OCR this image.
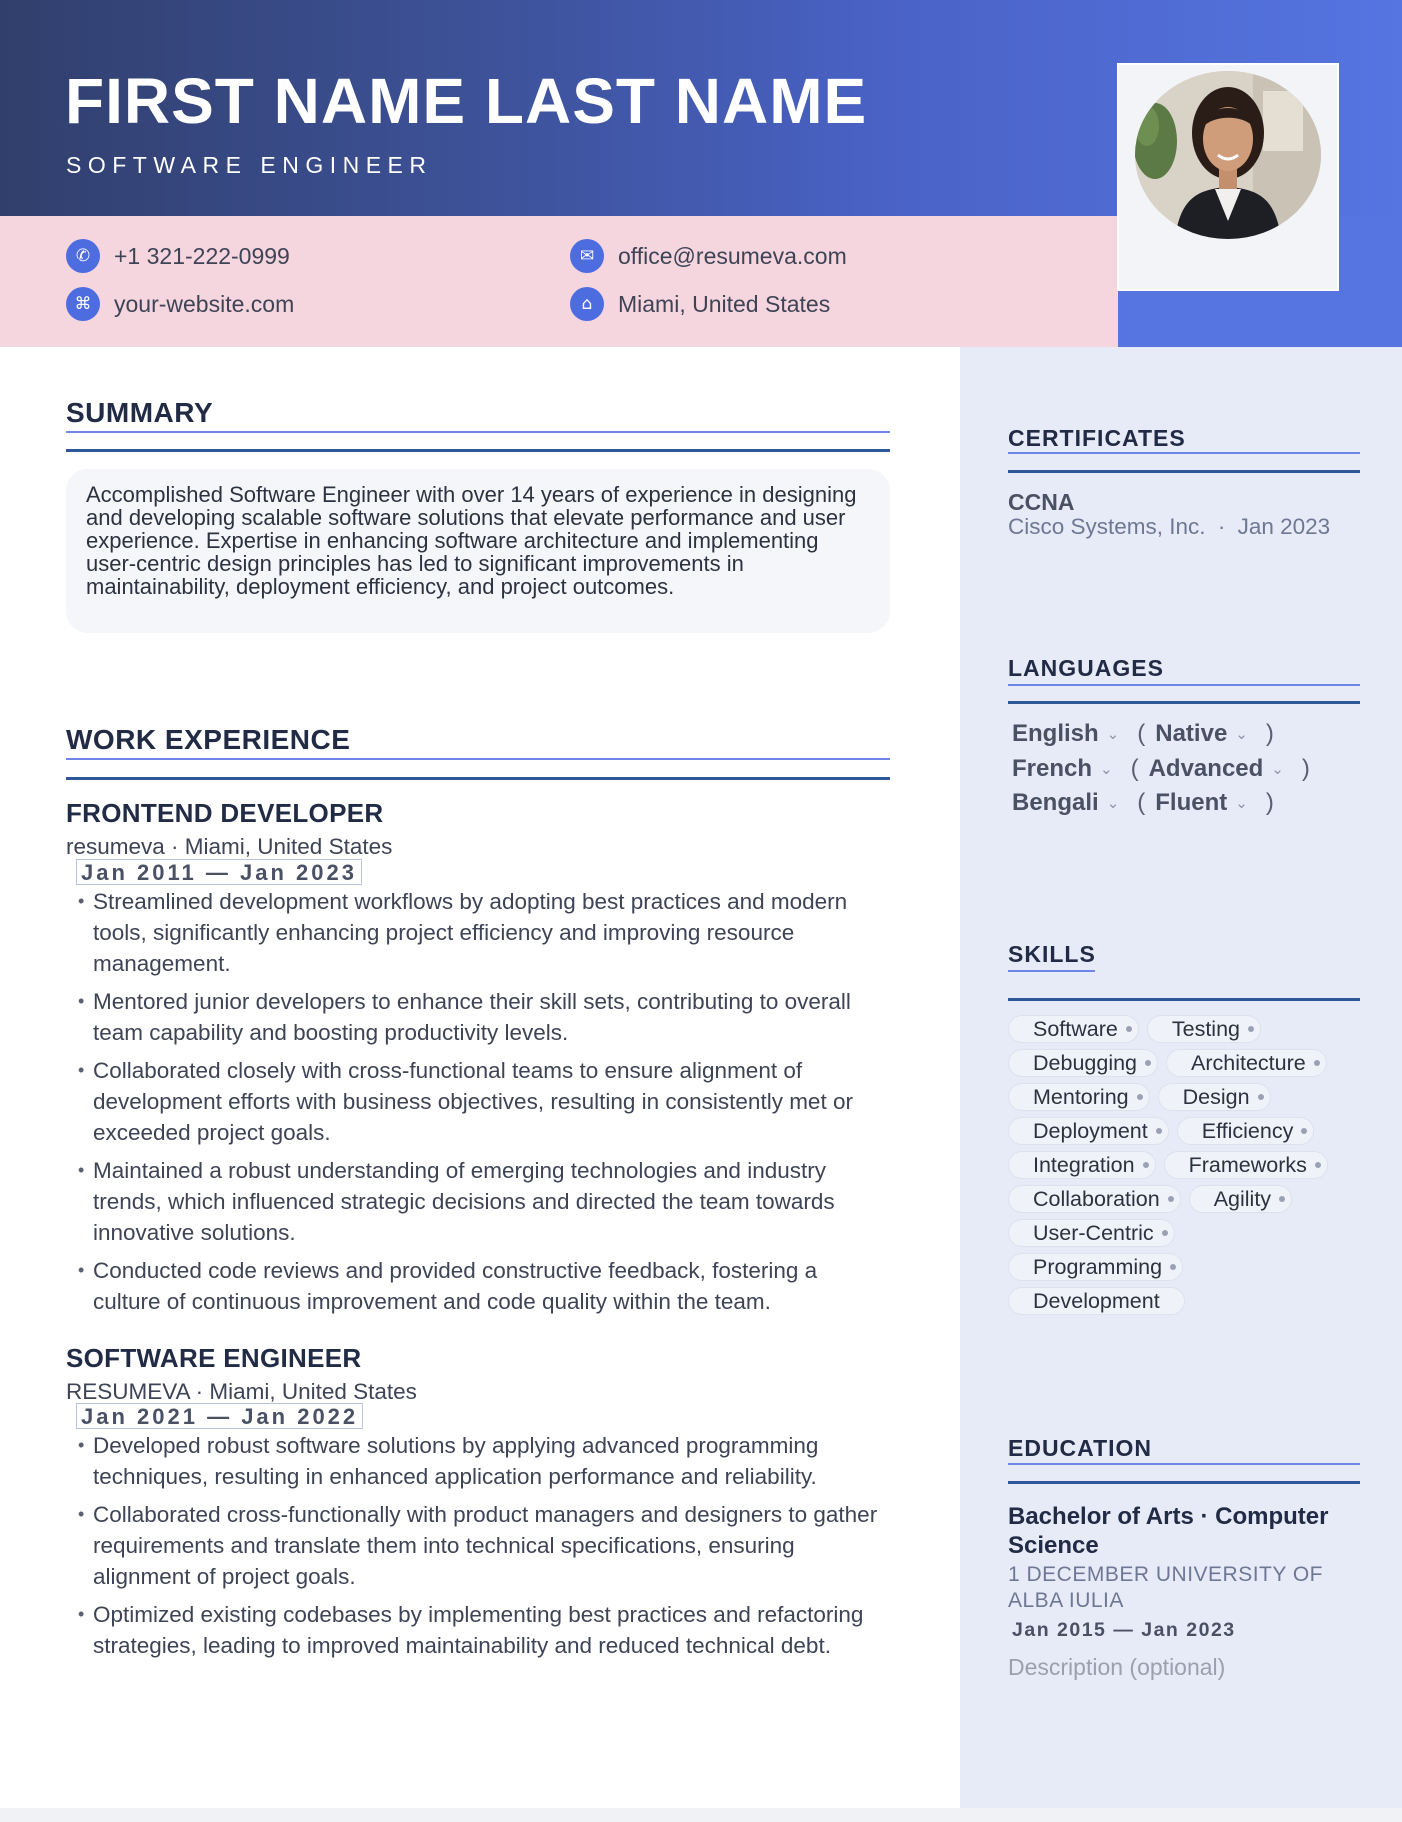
FIRST NAME LAST NAME
SOFTWARE ENGINEER
✆	+1 321-222-0999	✉	office@resumeva.com
⌘ your-website.com	⌂	Miami, United States
SUMMARY
Accomplished Software Engineer with over 14 years of experience in designing and developing scalable software solutions that elevate performance and user experience. Expertise in enhancing software architecture and implementing user-centric design principles has led to significant improvements in maintainability, deployment efficiency, and project outcomes.
WORK EXPERIENCE
FRONTEND DEVELOPER
resumeva · Miami, United States
Jan 2011 — Jan 2023
• Streamlined development workflows by adopting best practices and modern tools, significantly enhancing project efficiency and improving resource management.
• Mentored junior developers to enhance their skill sets, contributing to overall team capability and boosting productivity levels.
• Collaborated closely with cross-functional teams to ensure alignment of development efforts with business objectives, resulting in consistently met or exceeded project goals.
• Maintained a robust understanding of emerging technologies and industry trends, which influenced strategic decisions and directed the team towards innovative solutions.
• Conducted code reviews and provided constructive feedback, fostering a culture of continuous improvement and code quality within the team.
SOFTWARE ENGINEER
RESUMEVA · Miami, United States
Jan 2021 — Jan 2022
• Developed robust software solutions by applying advanced programming techniques, resulting in enhanced application performance and reliability.
• Collaborated cross-functionally with product managers and designers to gather requirements and translate them into technical specifications, ensuring alignment of project goals.
• Optimized existing codebases by implementing best practices and refactoring strategies, leading to improved maintainability and reduced technical debt.
CERTIFICATES
CCNA
Cisco Systems, Inc. · Jan 2023
LANGUAGES
English ⌄ ( Native ⌄ )
French ⌄ ( Advanced ⌄ )
Bengali ⌄ ( Fluent ⌄ )
SKILLS
Software	Testing
Debugging	Architecture
Mentoring	Design
Deployment	Efficiency
Integration	Frameworks
Collaboration	Agility
User-Centric
Programming
Development
EDUCATION
Bachelor of Arts · Computer Science
1 DECEMBER UNIVERSITY OF ALBA IULIA
Jan 2015 — Jan 2023
Description (optional)
